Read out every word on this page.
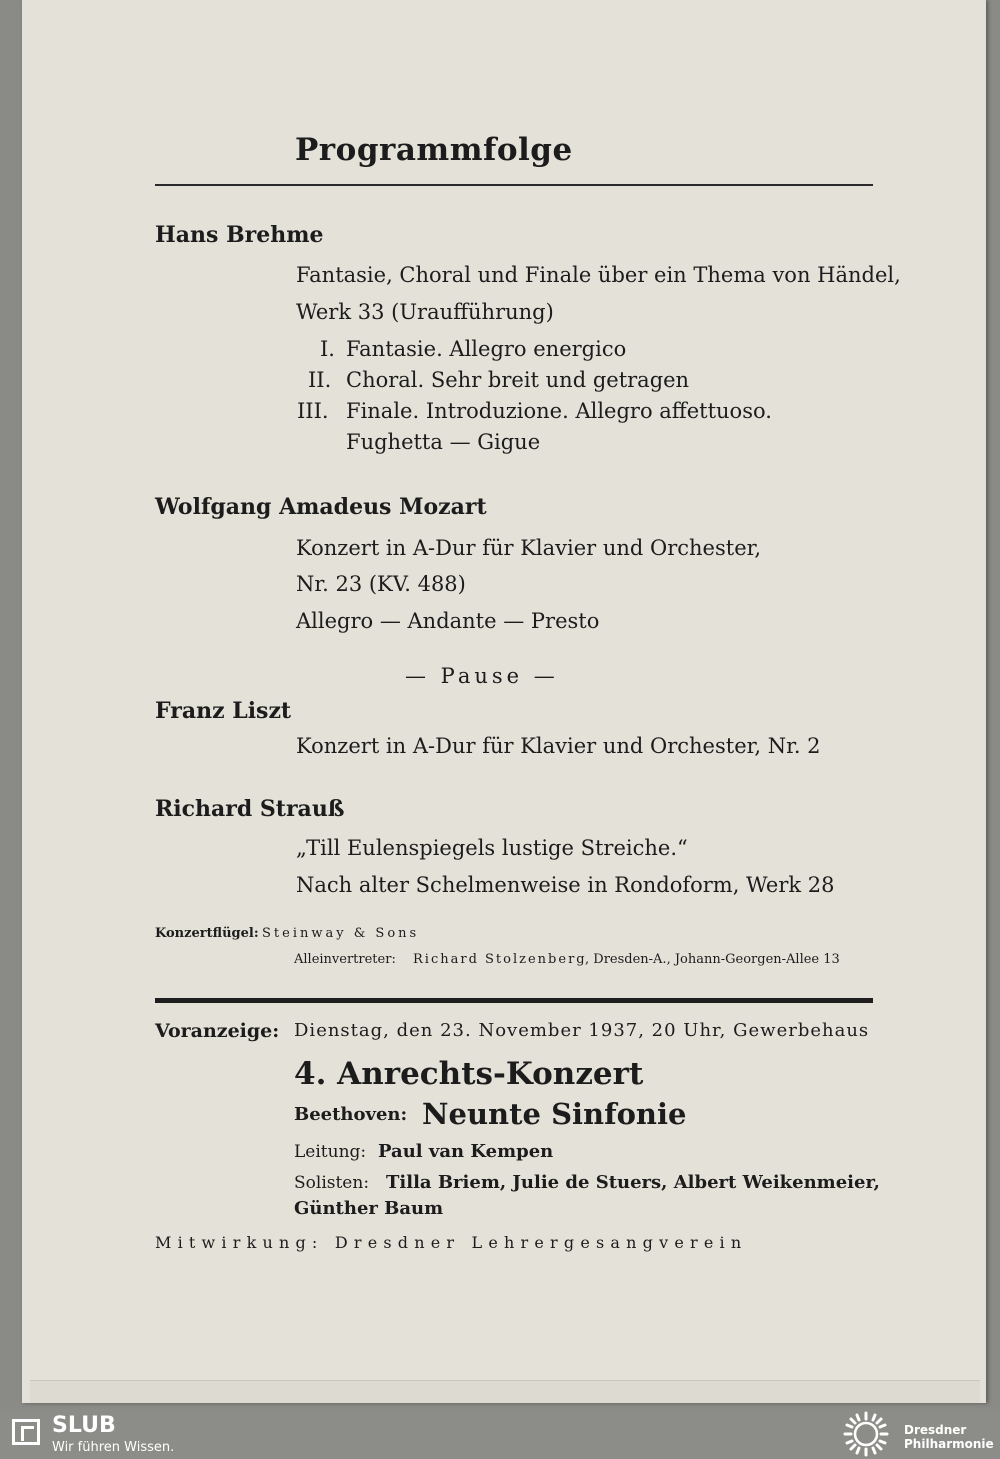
Programmfolge
Hans Brehme
Fantasie, Choral und Finale über ein Thema von Händel,
Werk 33 (Uraufführung)
I. Fantasie. Allegro energico
II. Choral. Sehr breit und getragen
III. Finale. Introduzione. Allegro affettuoso.
Fughetta — Gigue
Wolfgang Amadeus Mozart
Konzert in A-Dur für Klavier und Orchester,
Nr. 23 (KV. 488)
Allegro — Andante — Presto
— Pause —
Franz Liszt
Konzert in A-Dur für Klavier und Orchester, Nr. 2
Richard Strauß
„Till Eulenspiegels lustige Streiche.“
Nach alter Schelmenweise in Rondoform, Werk 28
Konzertflügel: Steinway & Sons
Alleinvertreter: Richard Stolzenberg
, Dresden-A., Johann-Georgen-Allee 13
Voranzeige: Dienstag, den 23. November 1937, 20 Uhr, Gewerbehaus
4. Anrechts-Konzert
Beethoven: Neunte Sinfonie
Leitung: Paul van Kempen
Solisten: Tilla Briem, Julie de Stuers, Albert Weikenmeier,
Günther Baum
Mitwirkung: Dresdner Lehrergesangverein
SLUB
Wir führen Wissen.
Dresdner
Philharmonie
